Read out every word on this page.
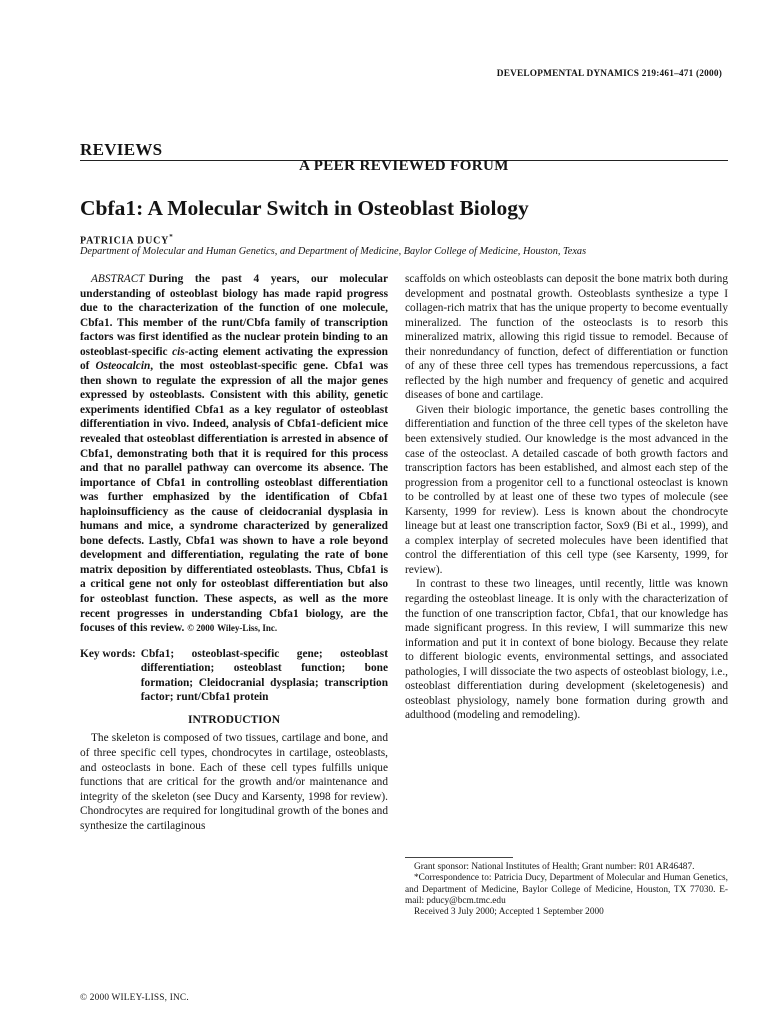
DEVELOPMENTAL DYNAMICS 219:461–471 (2000)
REVIEWS
A PEER REVIEWED FORUM
Cbfa1: A Molecular Switch in Osteoblast Biology
PATRICIA DUCY*
Department of Molecular and Human Genetics, and Department of Medicine, Baylor College of Medicine, Houston, Texas

ABSTRACT During the past 4 years, our molecular understanding of osteoblast biology has made rapid progress due to the characterization of the function of one molecule, Cbfa1. This member of the runt/Cbfa family of transcription factors was first identified as the nuclear protein binding to an osteoblast-specific cis-acting element activating the expression of Osteocalcin, the most osteoblast-specific gene. Cbfa1 was then shown to regulate the expression of all the major genes expressed by osteoblasts. Consistent with this ability, genetic experiments identified Cbfa1 as a key regulator of osteoblast differentiation in vivo. Indeed, analysis of Cbfa1-deficient mice revealed that osteoblast differentiation is arrested in absence of Cbfa1, demonstrating both that it is required for this process and that no parallel pathway can overcome its absence. The importance of Cbfa1 in controlling osteoblast differentiation was further emphasized by the identification of Cbfa1 haploinsufficiency as the cause of cleidocranial dysplasia in humans and mice, a syndrome characterized by generalized bone defects. Lastly, Cbfa1 was shown to have a role beyond development and differentiation, regulating the rate of bone matrix deposition by differentiated osteoblasts. Thus, Cbfa1 is a critical gene not only for osteoblast differentiation but also for osteoblast function. These aspects, as well as the more recent progresses in understanding Cbfa1 biology, are the focuses of this review. © 2000 Wiley-Liss, Inc.

Key words: Cbfa1; osteoblast-specific gene; osteoblast differentiation; osteoblast function; bone formation; Cleidocranial dysplasia; transcription factor; runt/Cbfa1 protein

INTRODUCTION

The skeleton is composed of two tissues, cartilage and bone, and of three specific cell types, chondrocytes in cartilage, osteoblasts, and osteoclasts in bone. Each of these cell types fulfills unique functions that are critical for the growth and/or maintenance and integrity of the skeleton (see Ducy and Karsenty, 1998 for review). Chondrocytes are required for longitudinal growth of the bones and synthesize the cartilaginous

scaffolds on which osteoblasts can deposit the bone matrix both during development and postnatal growth. Osteoblasts synthesize a type I collagen-rich matrix that has the unique property to become eventually mineralized. The function of the osteoclasts is to resorb this mineralized matrix, allowing this rigid tissue to remodel. Because of their nonredundancy of function, defect of differentiation or function of any of these three cell types has tremendous repercussions, a fact reflected by the high number and frequency of genetic and acquired diseases of bone and cartilage.

Given their biologic importance, the genetic bases controlling the differentiation and function of the three cell types of the skeleton have been extensively studied. Our knowledge is the most advanced in the case of the osteoclast. A detailed cascade of both growth factors and transcription factors has been established, and almost each step of the progression from a progenitor cell to a functional osteoclast is known to be controlled by at least one of these two types of molecule (see Karsenty, 1999 for review). Less is known about the chondrocyte lineage but at least one transcription factor, Sox9 (Bi et al., 1999), and a complex interplay of secreted molecules have been identified that control the differentiation of this cell type (see Karsenty, 1999, for review).

In contrast to these two lineages, until recently, little was known regarding the osteoblast lineage. It is only with the characterization of the function of one transcription factor, Cbfa1, that our knowledge has made significant progress. In this review, I will summarize this new information and put it in context of bone biology. Because they relate to different biologic events, environmental settings, and associated pathologies, I will dissociate the two aspects of osteoblast biology, i.e., osteoblast differentiation during development (skeletogenesis) and osteoblast physiology, namely bone formation during growth and adulthood (modeling and remodeling).

Grant sponsor: National Institutes of Health; Grant number: R01 AR46487.

*Correspondence to: Patricia Ducy, Department of Molecular and Human Genetics, and Department of Medicine, Baylor College of Medicine, Houston, TX 77030. E-mail: pducy@bcm.tmc.edu

Received 3 July 2000; Accepted 1 September 2000

© 2000 WILEY-LISS, INC.
